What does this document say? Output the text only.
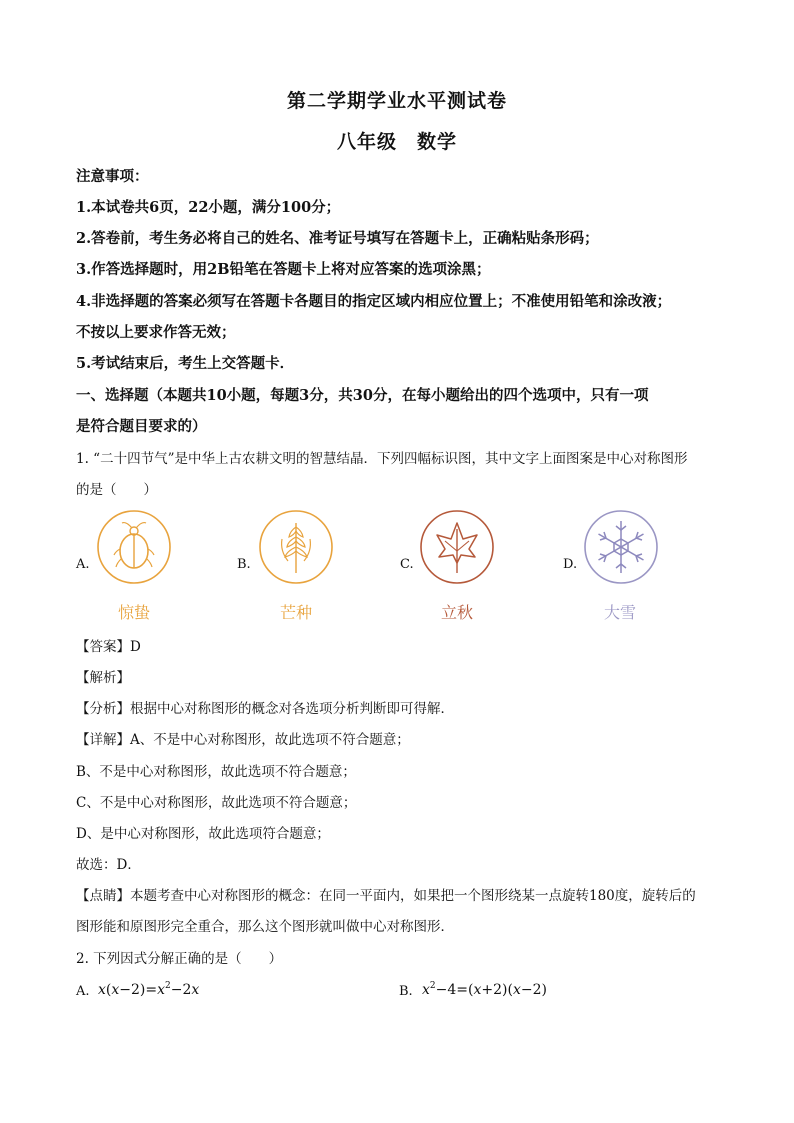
第二学期学业水平测试卷
八年级　数学
注意事项：
1.本试卷共6页，22小题，满分100分；
2.答卷前，考生务必将自己的姓名、准考证号填写在答题卡上，正确粘贴条形码；
3.作答选择题时，用2B铅笔在答题卡上将对应答案的选项涂黑；
4.非选择题的答案必须写在答题卡各题目的指定区域内相应位置上；不准使用铅笔和涂改液；
不按以上要求作答无效；
5.考试结束后，考生上交答题卡．
一、选择题（本题共10小题，每题3分，共30分，在每小题给出的四个选项中，只有一项
是符合题目要求的）
1. “二十四节气”是中华上古农耕文明的智慧结晶．下列四幅标识图，其中文字上面图案是中心对称图形
的是（　　）
A.
惊蛰
B.
芒种
C.
立秋
D.
大雪
【答案】D
【解析】
【分析】根据中心对称图形的概念对各选项分析判断即可得解．
【详解】A、不是中心对称图形，故此选项不符合题意；
B、不是中心对称图形，故此选项不符合题意；
C、不是中心对称图形，故此选项不符合题意；
D、是中心对称图形，故此选项符合题意；
故选：D．
【点睛】本题考查中心对称图形的概念：在同一平面内，如果把一个图形绕某一点旋转180度，旋转后的
图形能和原图形完全重合，那么这个图形就叫做中心对称图形．
2. 下列因式分解正确的是（　　）
A. $x(x-2)=x^2-2x$	B. $x^2-4=(x+2)(x-2)$
